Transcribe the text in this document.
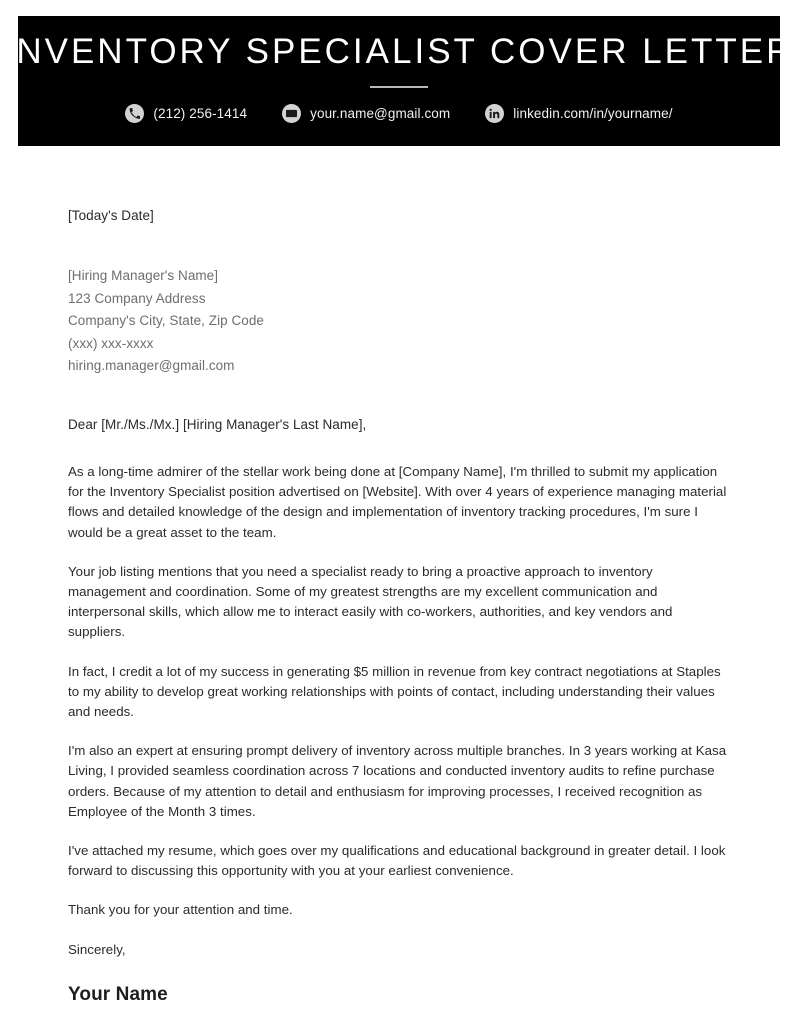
INVENTORY SPECIALIST COVER LETTER
(212) 256-1414	your.name@gmail.com	linkedin.com/in/yourname/
[Today's Date]
[Hiring Manager's Name]
123 Company Address
Company's City, State, Zip Code
(xxx) xxx-xxxx
hiring.manager@gmail.com
Dear [Mr./Ms./Mx.] [Hiring Manager's Last Name],

As a long-time admirer of the stellar work being done at [Company Name], I'm thrilled to submit my application for the Inventory Specialist position advertised on [Website]. With over 4 years of experience managing material flows and detailed knowledge of the design and implementation of inventory tracking procedures, I'm sure I would be a great asset to the team.

Your job listing mentions that you need a specialist ready to bring a proactive approach to inventory management and coordination. Some of my greatest strengths are my excellent communication and interpersonal skills, which allow me to interact easily with co-workers, authorities, and key vendors and suppliers.

In fact, I credit a lot of my success in generating $5 million in revenue from key contract negotiations at Staples to my ability to develop great working relationships with points of contact, including understanding their values and needs.

I'm also an expert at ensuring prompt delivery of inventory across multiple branches. In 3 years working at Kasa Living, I provided seamless coordination across 7 locations and conducted inventory audits to refine purchase orders. Because of my attention to detail and enthusiasm for improving processes, I received recognition as Employee of the Month 3 times.

I've attached my resume, which goes over my qualifications and educational background in greater detail. I look forward to discussing this opportunity with you at your earliest convenience.

Thank you for your attention and time.
Sincerely,
Your Name
